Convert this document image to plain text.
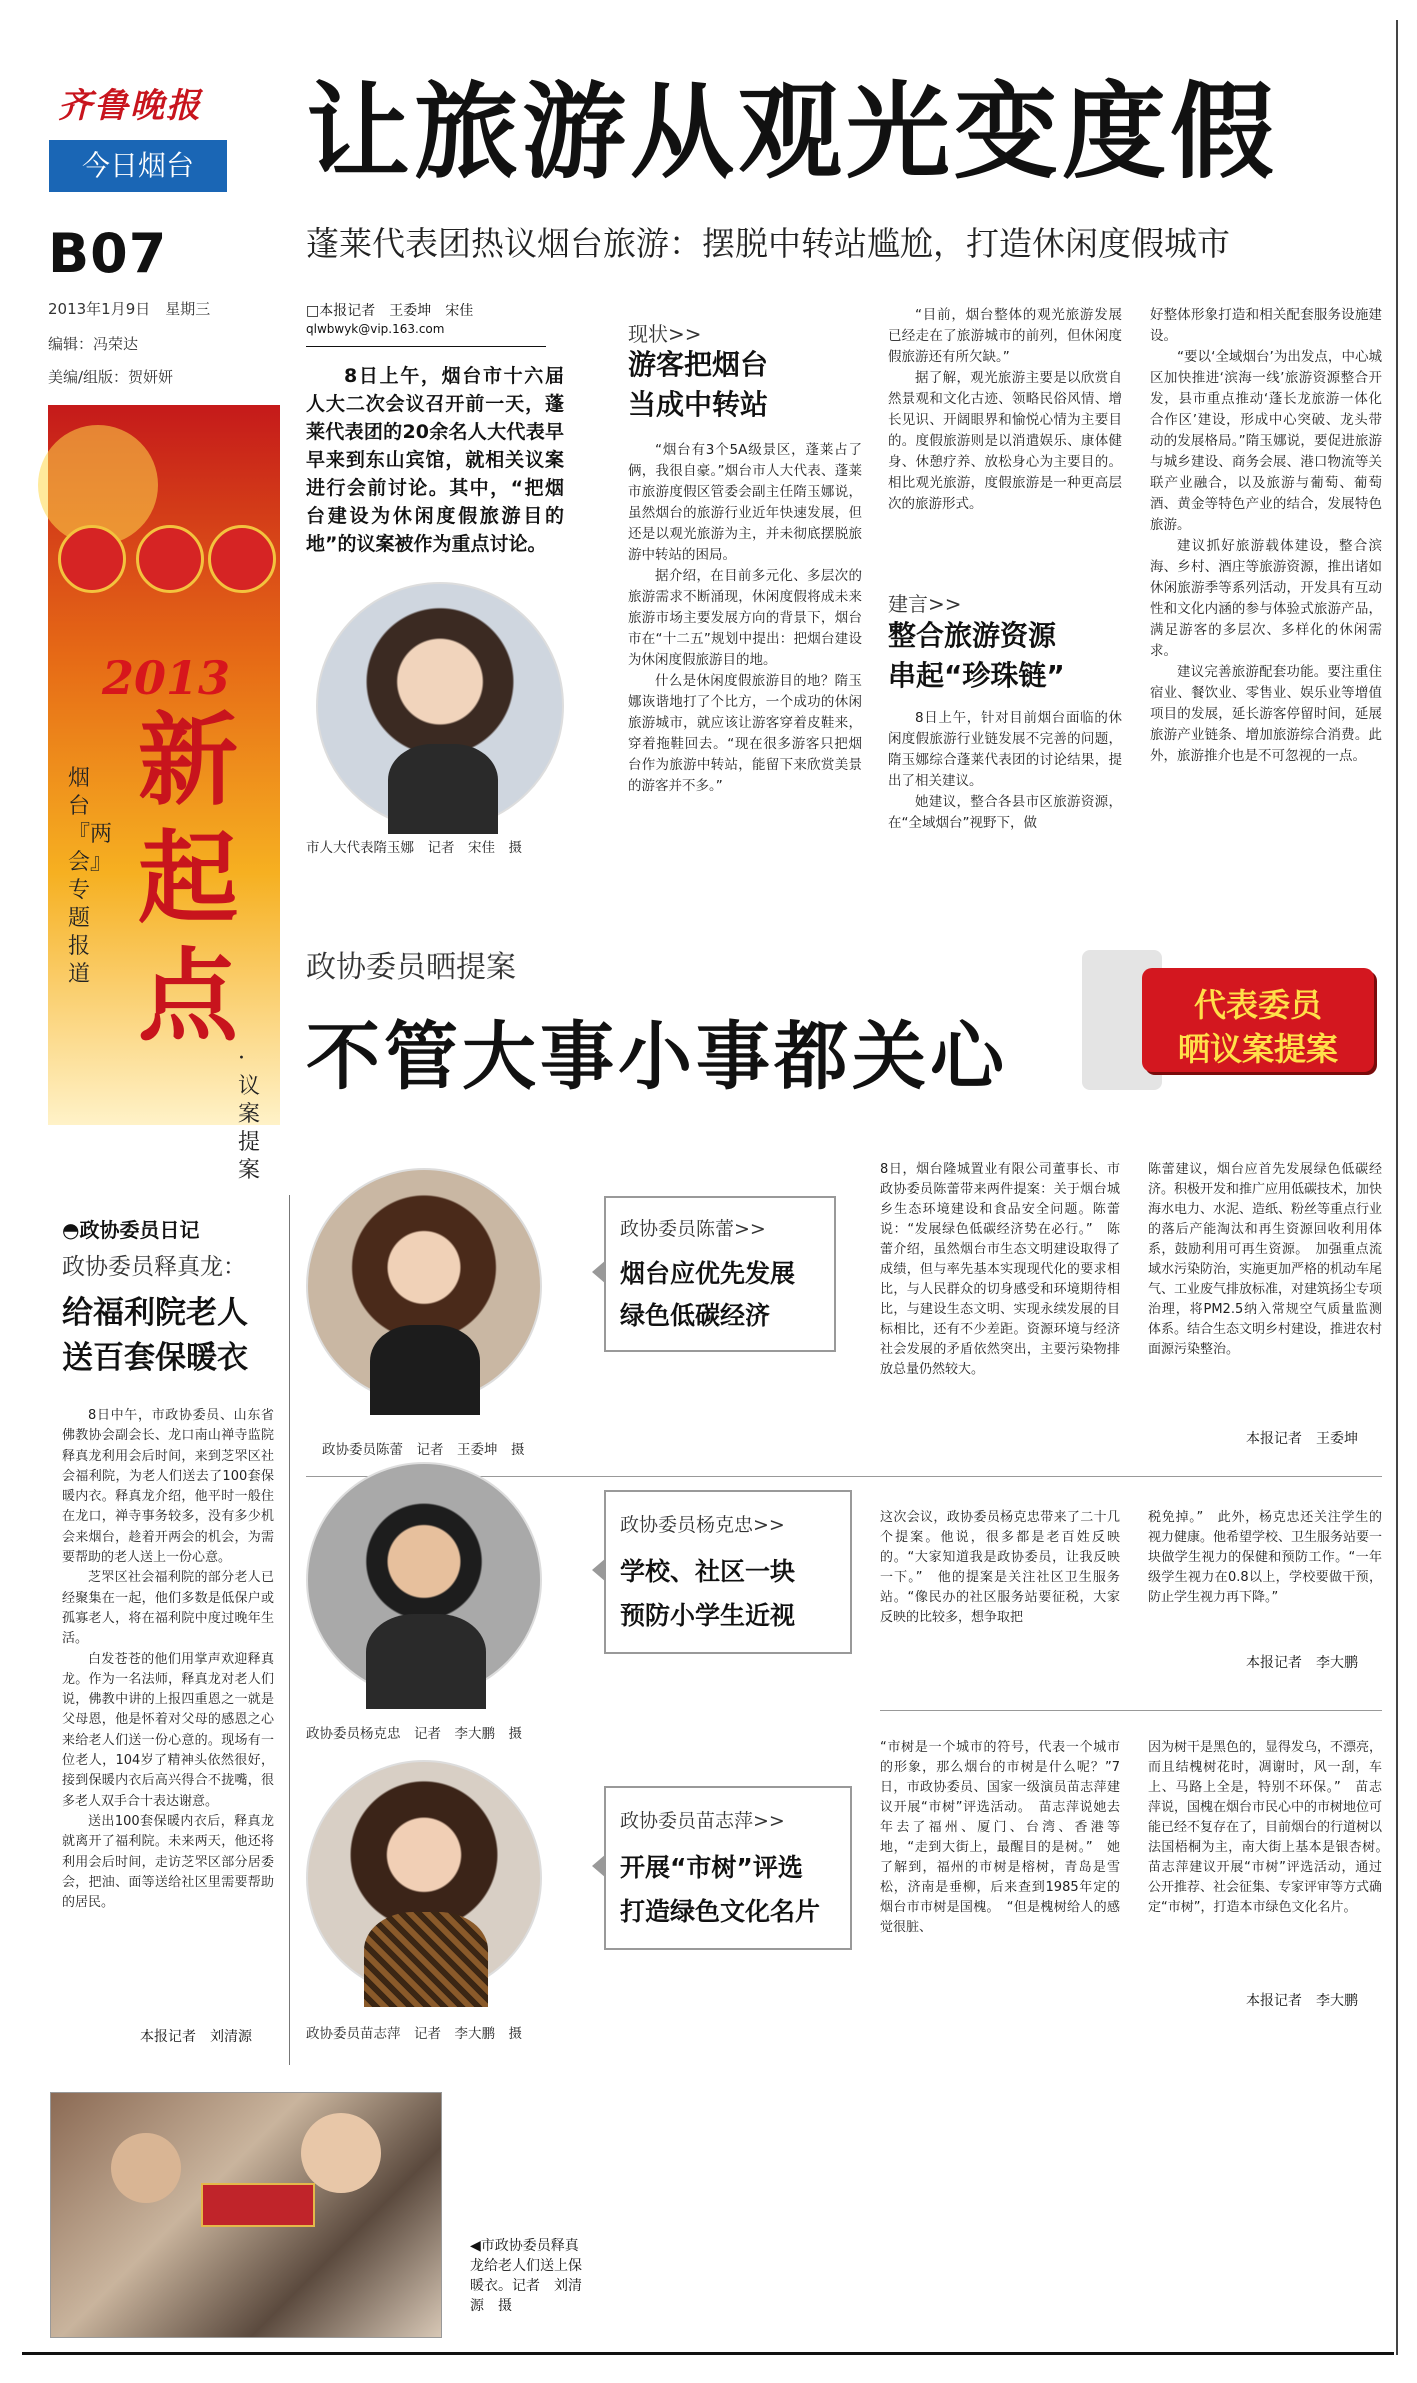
齐鲁晚报
今日烟台
B07
2013年1月9日　星期三
编辑：冯荣达
美编/组版：贺妍妍
2013
新起点
烟台『两会』专题报道
·议案提案
让旅游从观光变度假
蓬莱代表团热议烟台旅游：摆脱中转站尴尬，打造休闲度假城市
□本报记者　王委坤　宋佳
qlwbwyk@vip.163.com
8日上午，烟台市十六届人大二次会议召开前一天，蓬莱代表团的20余名人大代表早早来到东山宾馆，就相关议案进行会前讨论。其中，“把烟台建设为休闲度假旅游目的地”的议案被作为重点讨论。
市人大代表隋玉娜　记者　宋佳　摄
现状>>
游客把烟台
当成中转站

“烟台有3个5A级景区，蓬莱占了俩，我很自豪。”烟台市人大代表、蓬莱市旅游度假区管委会副主任隋玉娜说，虽然烟台的旅游行业近年快速发展，但还是以观光旅游为主，并未彻底摆脱旅游中转站的困局。

据介绍，在目前多元化、多层次的旅游需求不断涌现，休闲度假将成未来旅游市场主要发展方向的背景下，烟台市在“十二五”规划中提出：把烟台建设为休闲度假旅游目的地。

什么是休闲度假旅游目的地？隋玉娜诙谐地打了个比方，一个成功的休闲旅游城市，就应该让游客穿着皮鞋来，穿着拖鞋回去。“现在很多游客只把烟台作为旅游中转站，能留下来欣赏美景的游客并不多。”

“目前，烟台整体的观光旅游发展已经走在了旅游城市的前列，但休闲度假旅游还有所欠缺。”

据了解，观光旅游主要是以欣赏自然景观和文化古迹、领略民俗风情、增长见识、开阔眼界和愉悦心情为主要目的。度假旅游则是以消遣娱乐、康体健身、休憩疗养、放松身心为主要目的。相比观光旅游，度假旅游是一种更高层次的旅游形式。

建言>>
整合旅游资源
串起“珍珠链”

8日上午，针对目前烟台面临的休闲度假旅游行业链发展不完善的问题，隋玉娜综合蓬莱代表团的讨论结果，提出了相关建议。

她建议，整合各县市区旅游资源，在“全域烟台”视野下，做

好整体形象打造和相关配套服务设施建设。

“要以‘全域烟台’为出发点，中心城区加快推进‘滨海一线’旅游资源整合开发，县市重点推动‘蓬长龙旅游一体化合作区’建设，形成中心突破、龙头带动的发展格局。”隋玉娜说，要促进旅游与城乡建设、商务会展、港口物流等关联产业融合，以及旅游与葡萄、葡萄酒、黄金等特色产业的结合，发展特色旅游。

建议抓好旅游载体建设，整合滨海、乡村、酒庄等旅游资源，推出诸如休闲旅游季等系列活动，开发具有互动性和文化内涵的参与体验式旅游产品，满足游客的多层次、多样化的休闲需求。

建议完善旅游配套功能。要注重住宿业、餐饮业、零售业、娱乐业等增值项目的发展，延长游客停留时间，延展旅游产业链条、增加旅游综合消费。此外，旅游推介也是不可忽视的一点。

政协委员晒提案
不管大事小事都关心
代表委员
晒议案提案
◓政协委员日记
政协委员释真龙：
给福利院老人
送百套保暖衣

8日中午，市政协委员、山东省佛教协会副会长、龙口南山禅寺监院释真龙利用会后时间，来到芝罘区社会福利院，为老人们送去了100套保暖内衣。释真龙介绍，他平时一般住在龙口，禅寺事务较多，没有多少机会来烟台，趁着开两会的机会，为需要帮助的老人送上一份心意。

芝罘区社会福利院的部分老人已经聚集在一起，他们多数是低保户或孤寡老人，将在福利院中度过晚年生活。

白发苍苍的他们用掌声欢迎释真龙。作为一名法师，释真龙对老人们说，佛教中讲的上报四重恩之一就是父母恩，他是怀着对父母的感恩之心来给老人们送一份心意的。现场有一位老人，104岁了精神头依然很好，接到保暖内衣后高兴得合不拢嘴，很多老人双手合十表达谢意。

送出100套保暖内衣后，释真龙就离开了福利院。未来两天，他还将利用会后时间，走访芝罘区部分居委会，把油、面等送给社区里需要帮助的居民。

本报记者　刘清源
政协委员陈蕾　记者　王委坤　摄
政协委员陈蕾>>
烟台应优先发展
绿色低碳经济
8日，烟台隆城置业有限公司董事长、市政协委员陈蕾带来两件提案：关于烟台城乡生态环境建设和食品安全问题。陈蕾说：“发展绿色低碳经济势在必行。”　陈蕾介绍，虽然烟台市生态文明建设取得了成绩，但与率先基本实现现代化的要求相比，与人民群众的切身感受和环境期待相比，与建设生态文明、实现永续发展的目标相比，还有不少差距。资源环境与经济社会发展的矛盾依然突出，主要污染物排放总量仍然较大。
陈蕾建议，烟台应首先发展绿色低碳经济。积极开发和推广应用低碳技术，加快海水电力、水泥、造纸、粉丝等重点行业的落后产能淘汰和再生资源回收利用体系，鼓励利用可再生资源。　加强重点流域水污染防治，实施更加严格的机动车尾气、工业废气排放标准，对建筑扬尘专项治理，将PM2.5纳入常规空气质量监测体系。结合生态文明乡村建设，推进农村面源污染整治。
本报记者　王委坤
政协委员杨克忠　记者　李大鹏　摄
政协委员杨克忠>>
学校、社区一块
预防小学生近视
这次会议，政协委员杨克忠带来了二十几个提案。他说，很多都是老百姓反映的。“大家知道我是政协委员，让我反映一下。”　他的提案是关注社区卫生服务站。“像民办的社区服务站要征税，大家反映的比较多，想争取把
税免掉。”　此外，杨克忠还关注学生的视力健康。他希望学校、卫生服务站要一块做学生视力的保健和预防工作。“一年级学生视力在0.8以上，学校要做干预，防止学生视力再下降。”
本报记者　李大鹏
政协委员苗志萍　记者　李大鹏　摄
政协委员苗志萍>>
开展“市树”评选
打造绿色文化名片
“市树是一个城市的符号，代表一个城市的形象，那么烟台的市树是什么呢？”7日，市政协委员、国家一级演员苗志萍建议开展“市树”评选活动。　苗志萍说她去年去了福州、厦门、台湾、香港等地，“走到大街上，最醒目的是树。”　她了解到，福州的市树是榕树，青岛是雪松，济南是垂柳，后来查到1985年定的烟台市市树是国槐。　“但是槐树给人的感觉很脏、
因为树干是黑色的，显得发乌，不漂亮，而且结槐树花时，凋谢时，风一刮，车上、马路上全是，特别不环保。”　苗志萍说，国槐在烟台市民心中的市树地位可能已经不复存在了，目前烟台的行道树以法国梧桐为主，南大街上基本是银杏树。　苗志萍建议开展“市树”评选活动，通过公开推荐、社会征集、专家评审等方式确定“市树”，打造本市绿色文化名片。
本报记者　李大鹏
◀市政协委员释真龙给老人们送上保暖衣。记者　刘清源　摄
